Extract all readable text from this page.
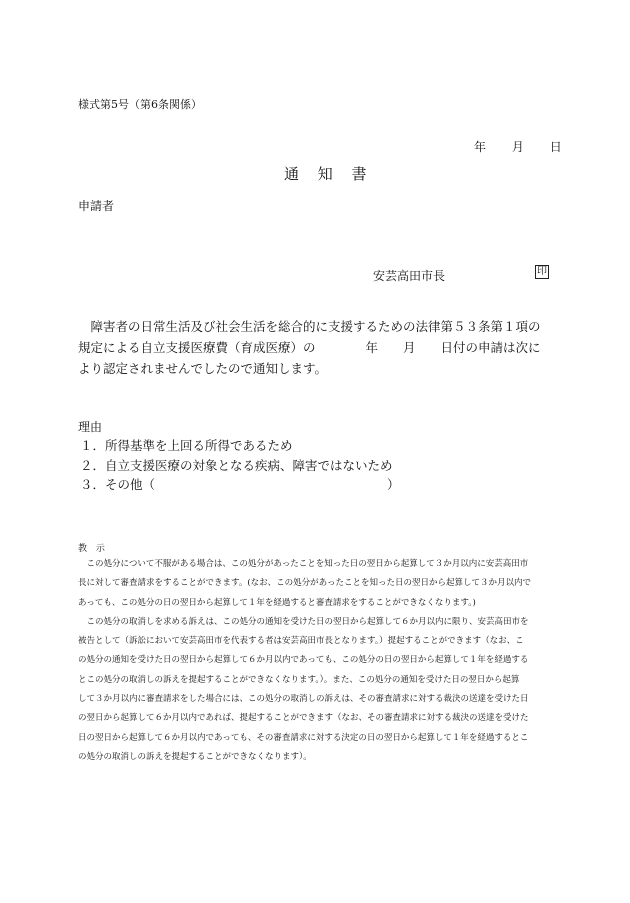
様式第5号（第6条関係）
年 月 日
通 知 書
申請者
安芸高田市長	印

　障害者の日常生活及び社会生活を総合的に支援するための法律第５３条第１項の

規定による自立支援医療費（育成医療）の　　　　年　　月　　日付の申請は次に

より認定されませんでしたので通知します。

理由
１．所得基準を上回る所得であるため
２．自立支援医療の対象となる疾病、障害ではないため
３．その他（	）
教 示

　この処分について不服がある場合は、この処分があったことを知った日の翌日から起算して３か月以内に安芸高田市

長に対して審査請求をすることができます。(なお、この処分があったことを知った日の翌日から起算して３か月以内で

あっても、この処分の日の翌日から起算して１年を経過すると審査請求をすることができなくなります。)

　この処分の取消しを求める訴えは、この処分の通知を受けた日の翌日から起算して６か月以内に限り、安芸高田市を

被告として（訴訟において安芸高田市を代表する者は安芸高田市長となります。）提起することができます（なお、こ

の処分の通知を受けた日の翌日から起算して６か月以内であっても、この処分の日の翌日から起算して１年を経過する

とこの処分の取消しの訴えを提起することができなくなります。）。また、この処分の通知を受けた日の翌日から起算

して３か月以内に審査請求をした場合には、この処分の取消しの訴えは、その審査請求に対する裁決の送達を受けた日

の翌日から起算して６か月以内であれば、提起することができます（なお、その審査請求に対する裁決の送達を受けた

日の翌日から起算して６か月以内であっても、その審査請求に対する決定の日の翌日から起算して１年を経過するとこ

の処分の取消しの訴えを提起することができなくなります）。
